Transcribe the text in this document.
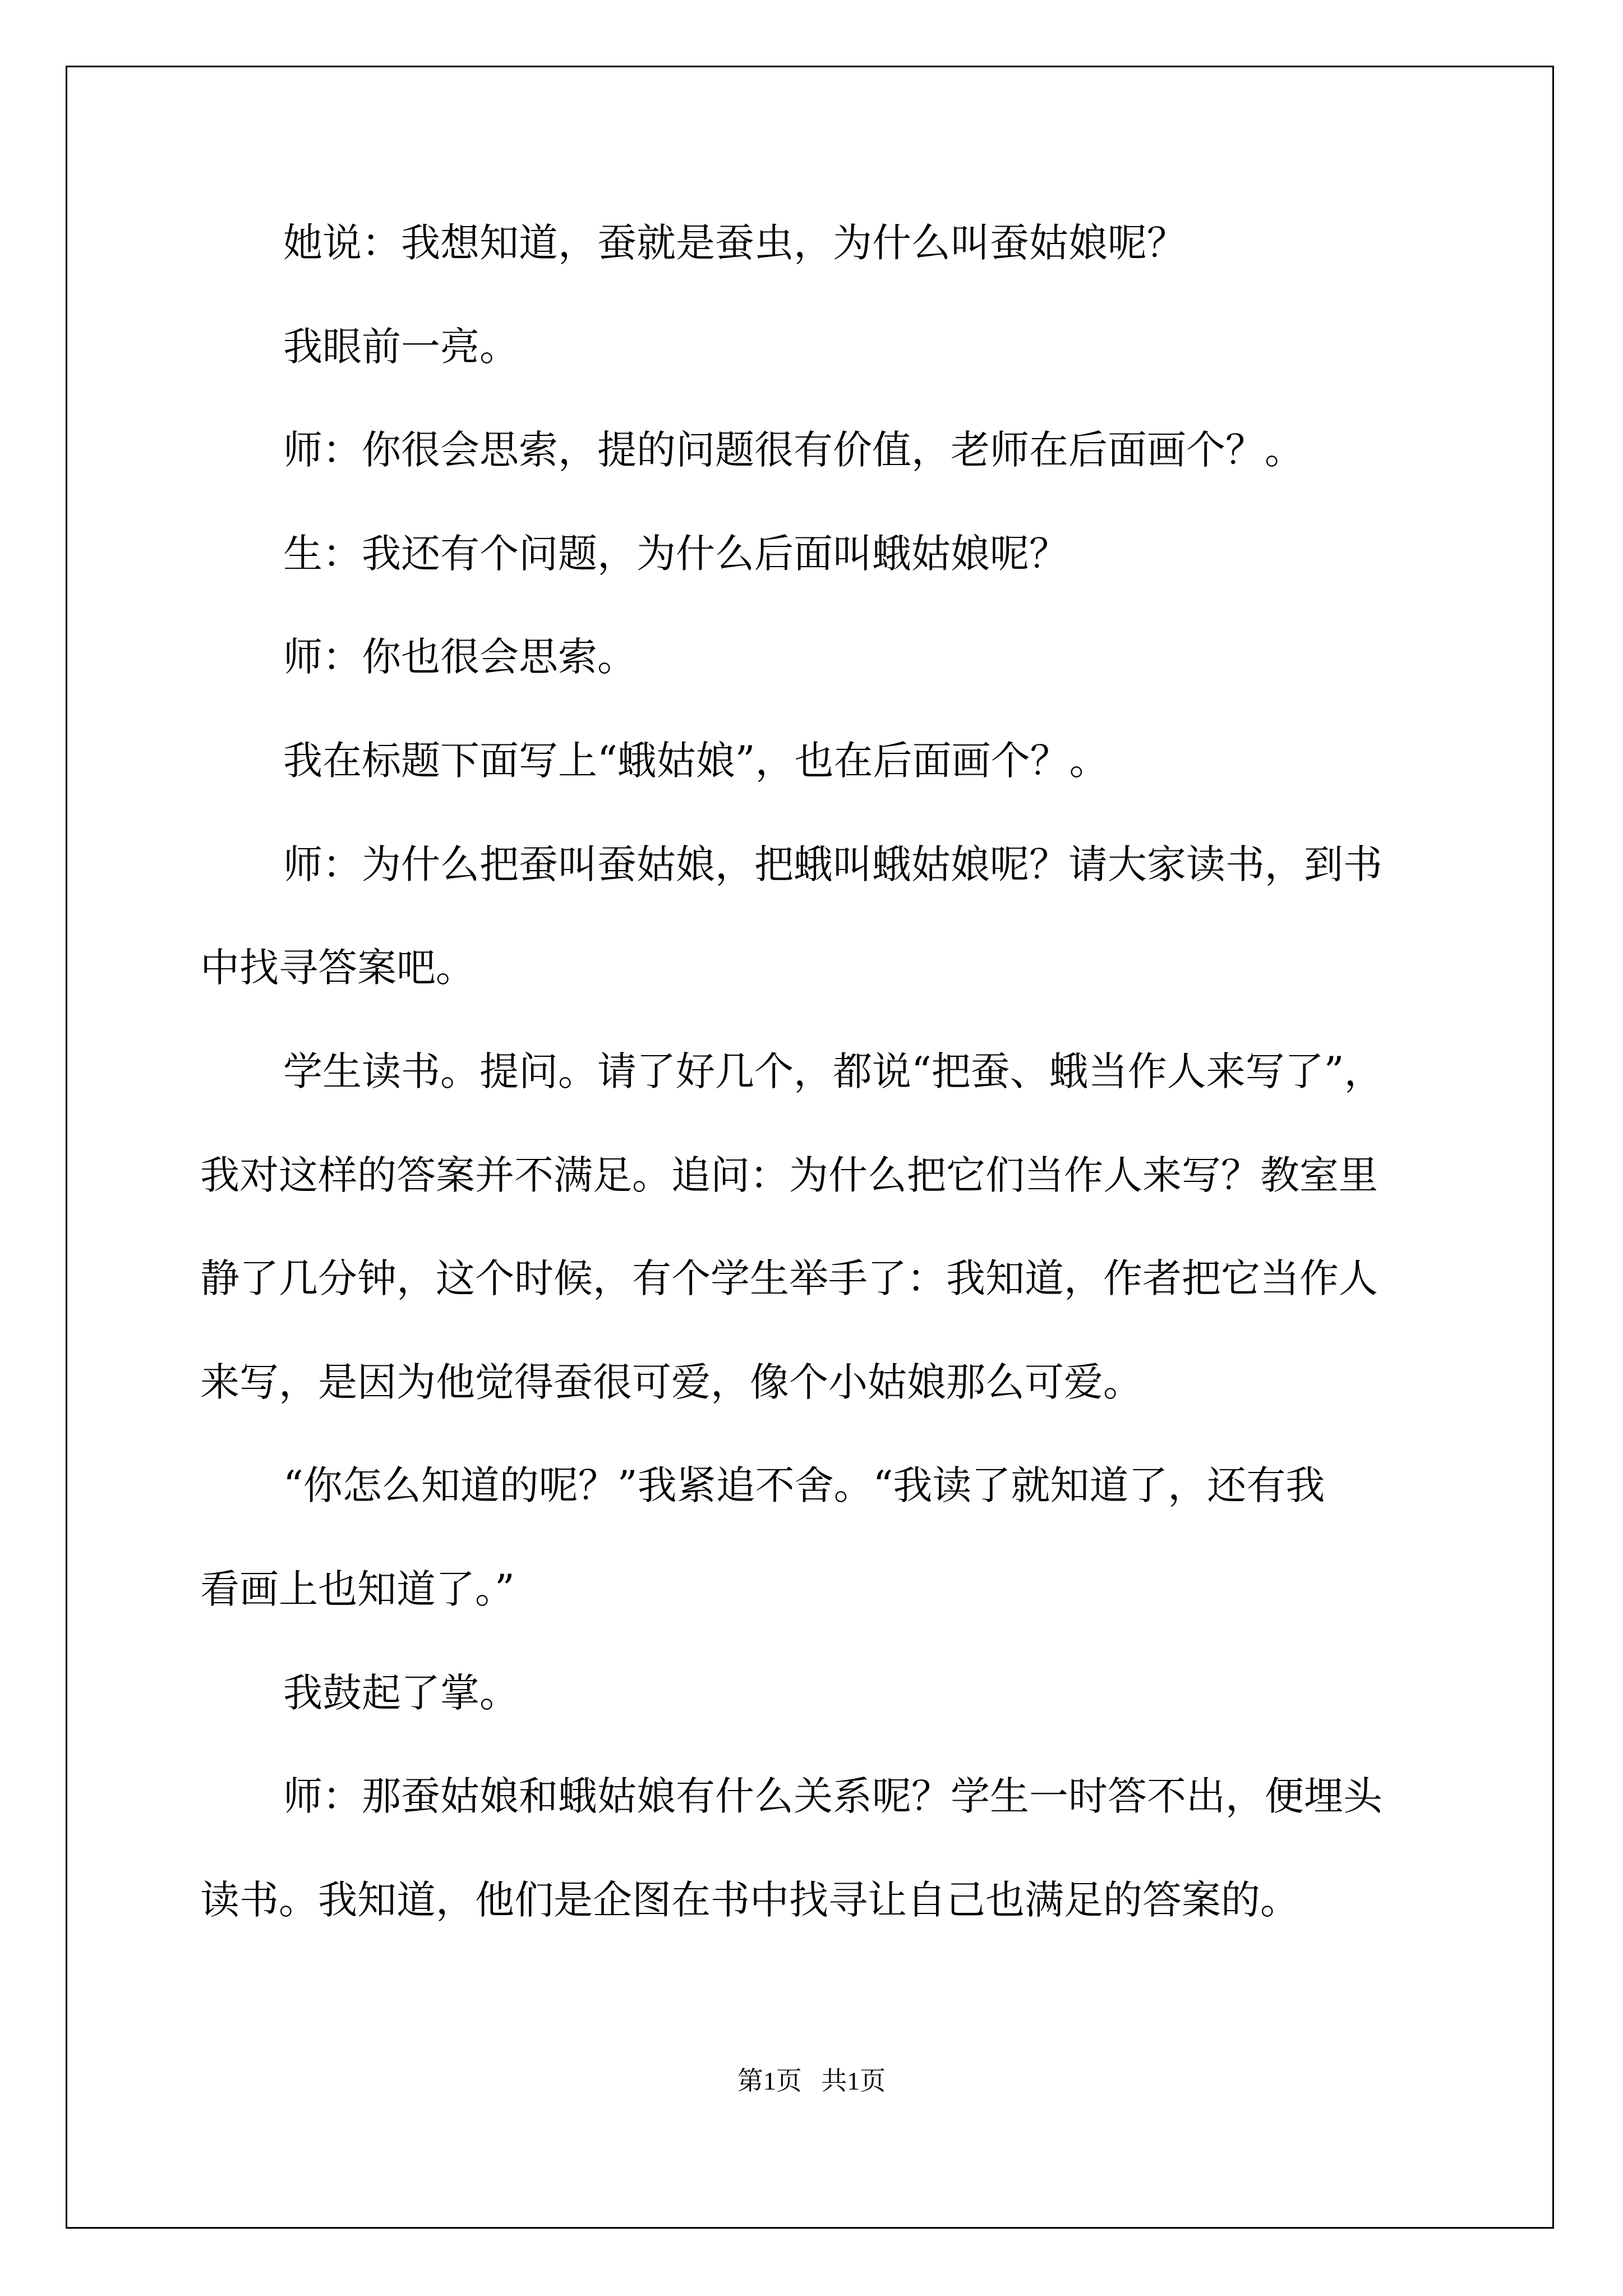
她说：我想知道，蚕就是蚕虫，为什么叫蚕姑娘呢？
我眼前一亮。
师：你很会思索，提的问题很有价值，老师在后面画个？。
生：我还有个问题，为什么后面叫蛾姑娘呢？
师：你也很会思索。
我在标题下面写上“蛾姑娘”，也在后面画个？。
师：为什么把蚕叫蚕姑娘，把蛾叫蛾姑娘呢？请大家读书，到书
中找寻答案吧。
学生读书。提问。请了好几个，都说“把蚕、蛾当作人来写了”，
我对这样的答案并不满足。追问：为什么把它们当作人来写？教室里
静了几分钟，这个时候，有个学生举手了：我知道，作者把它当作人
来写，是因为他觉得蚕很可爱，像个小姑娘那么可爱。
“你怎么知道的呢？”我紧追不舍。“我读了就知道了，还有我
看画上也知道了。”
我鼓起了掌。
师：那蚕姑娘和蛾姑娘有什么关系呢？学生一时答不出，便埋头
读书。我知道，他们是企图在书中找寻让自己也满足的答案的。
第1页   共1页
